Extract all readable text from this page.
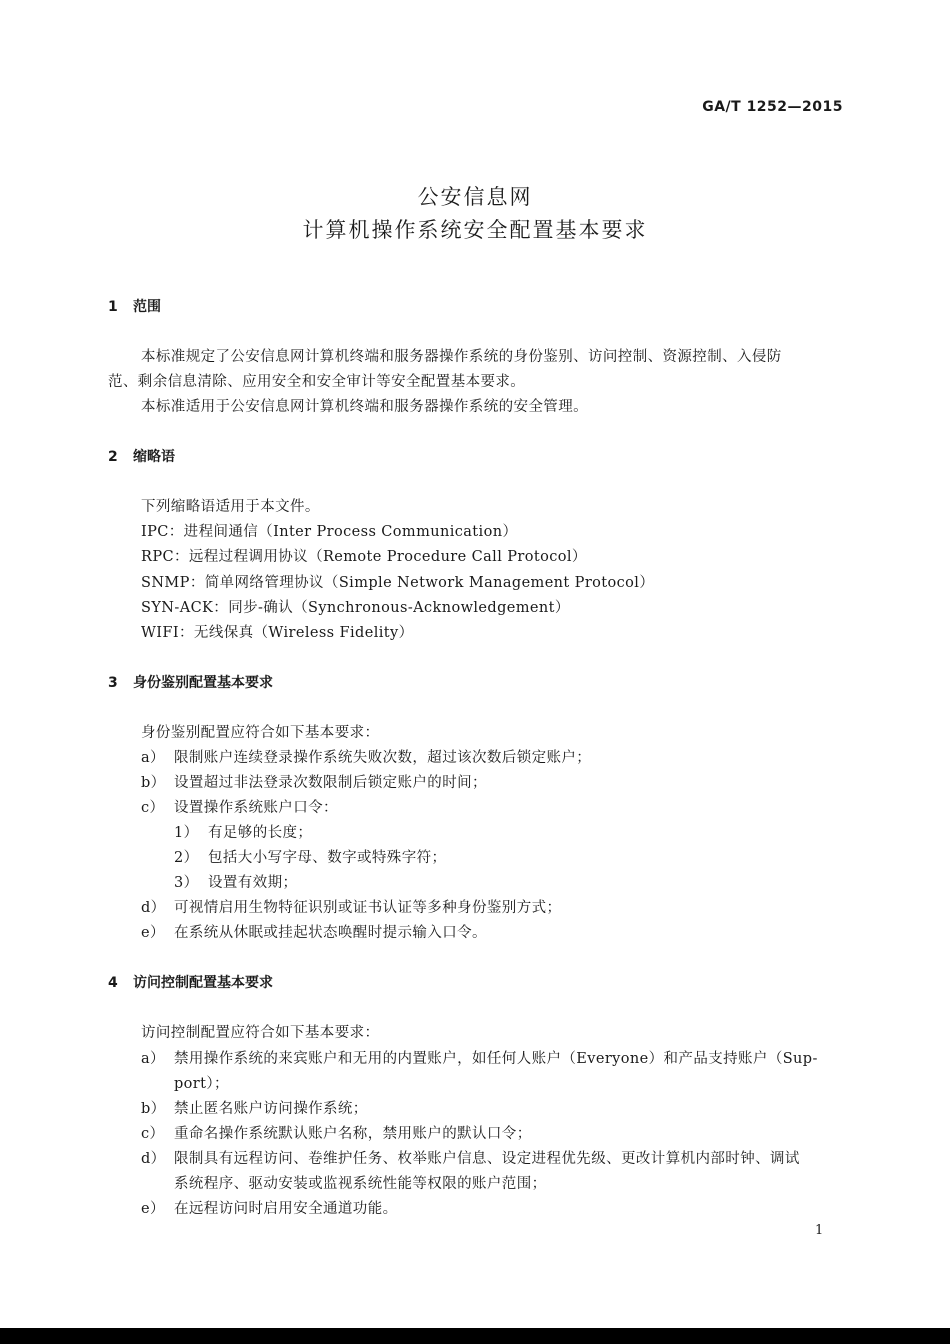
GA/T 1252—2015
公安信息网
计算机操作系统安全配置基本要求
1 范围
本标准规定了公安信息网计算机终端和服务器操作系统的身份鉴别、访问控制、资源控制、入侵防
范、剩余信息清除、应用安全和安全审计等安全配置基本要求。
本标准适用于公安信息网计算机终端和服务器操作系统的安全管理。
2 缩略语
下列缩略语适用于本文件。
IPC：进程间通信（Inter Process Communication）
RPC：远程过程调用协议（Remote Procedure Call Protocol）
SNMP：简单网络管理协议（Simple Network Management Protocol）
SYN-ACK：同步-确认（Synchronous-Acknowledgement）
WIFI：无线保真（Wireless Fidelity）
3 身份鉴别配置基本要求
身份鉴别配置应符合如下基本要求：
a） 限制账户连续登录操作系统失败次数，超过该次数后锁定账户；
b） 设置超过非法登录次数限制后锁定账户的时间；
c） 设置操作系统账户口令：
1） 有足够的长度；
2） 包括大小写字母、数字或特殊字符；
3） 设置有效期；
d） 可视情启用生物特征识别或证书认证等多种身份鉴别方式；
e） 在系统从休眠或挂起状态唤醒时提示输入口令。
4 访问控制配置基本要求
访问控制配置应符合如下基本要求：
a） 禁用操作系统的来宾账户和无用的内置账户，如任何人账户（Everyone）和产品支持账户（Sup-
port）；
b） 禁止匿名账户访问操作系统；
c） 重命名操作系统默认账户名称，禁用账户的默认口令；
d） 限制具有远程访问、卷维护任务、枚举账户信息、设定进程优先级、更改计算机内部时钟、调试
系统程序、驱动安装或监视系统性能等权限的账户范围；
e） 在远程访问时启用安全通道功能。
1
